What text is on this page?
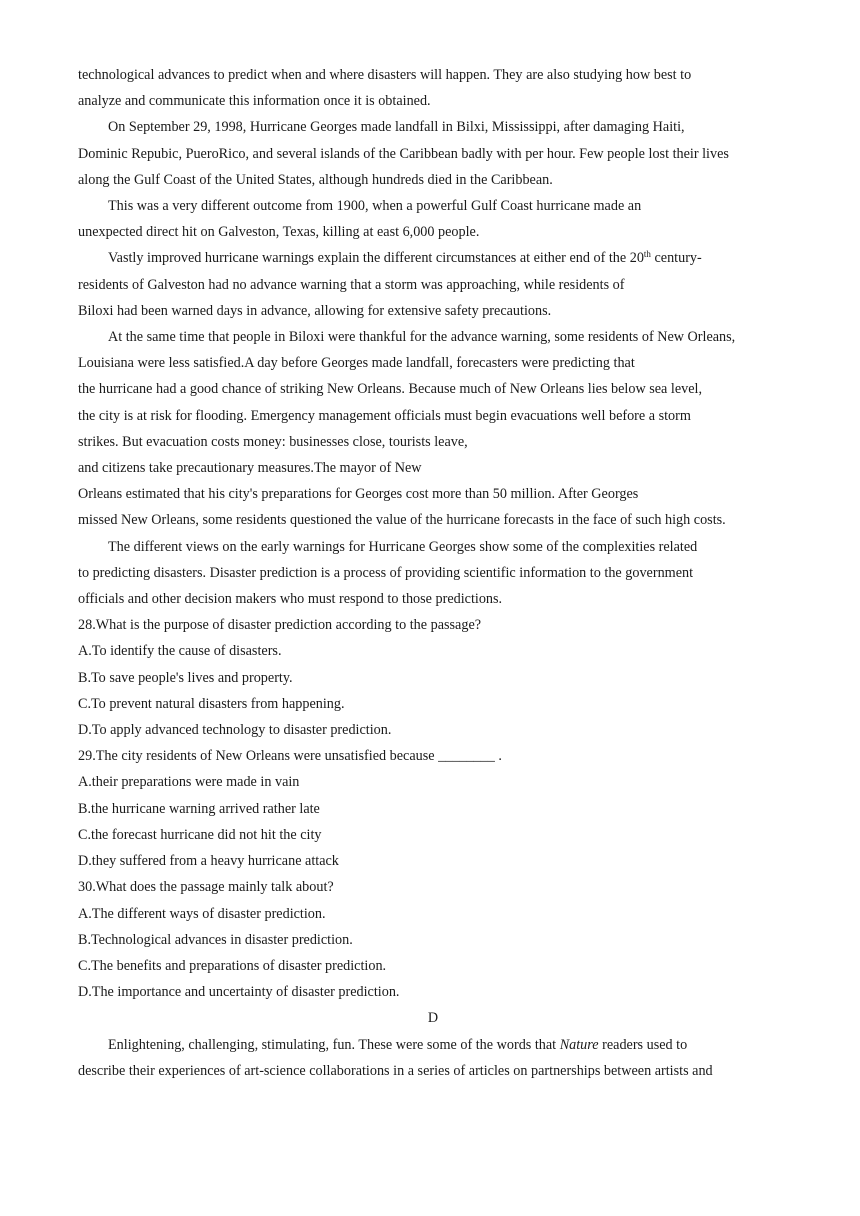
technological advances to predict when and where disasters will happen. They are also studying how best to
analyze and communicate this information once it is obtained.
On September 29, 1998, Hurricane Georges made landfall in Bilxi, Mississippi, after damaging Haiti,
Dominic Repubic, PueroRico, and several islands of the Caribbean badly with per hour. Few people lost their lives
along the Gulf Coast of the United States, although hundreds died in the Caribbean.
This was a very different outcome from 1900, when a powerful Gulf Coast hurricane made an
unexpected direct hit on Galveston, Texas, killing at east 6,000 people.
Vastly improved hurricane warnings explain the different circumstances at either end of the 20th century-
residents of Galveston had no advance warning that a storm was approaching, while residents of
Biloxi had been warned days in advance, allowing for extensive safety precautions.
At the same time that people in Biloxi were thankful for the advance warning, some residents of New Orleans,
Louisiana were less satisfied.A day before Georges made landfall, forecasters were predicting that
the hurricane had a good chance of striking New Orleans. Because much of New Orleans lies below sea level,
the city is at risk for flooding. Emergency management officials must begin evacuations well before a storm
strikes. But evacuation costs money: businesses close, tourists leave,
and citizens take precautionary measures.The mayor of New
Orleans estimated that his city's preparations for Georges cost more than 50 million. After Georges
missed New Orleans, some residents questioned the value of the hurricane forecasts in the face of such high costs.
The different views on the early warnings for Hurricane Georges show some of the complexities related
to predicting disasters. Disaster prediction is a process of providing scientific information to the government
officials and other decision makers who must respond to those predictions.
28.What is the purpose of disaster prediction according to the passage?
A.To identify the cause of disasters.
B.To save people's lives and property.
C.To prevent natural disasters from happening.
D.To apply advanced technology to disaster prediction.
29.The city residents of New Orleans were unsatisfied because ________ .
A.their preparations were made in vain
B.the hurricane warning arrived rather late
C.the forecast hurricane did not hit the city
D.they suffered from a heavy hurricane attack
30.What does the passage mainly talk about?
A.The different ways of disaster prediction.
B.Technological advances in disaster prediction.
C.The benefits and preparations of disaster prediction.
D.The importance and uncertainty of disaster prediction.
D
Enlightening, challenging, stimulating, fun. These were some of the words that Nature readers used to
describe their experiences of art-science collaborations in a series of articles on partnerships between artists and
